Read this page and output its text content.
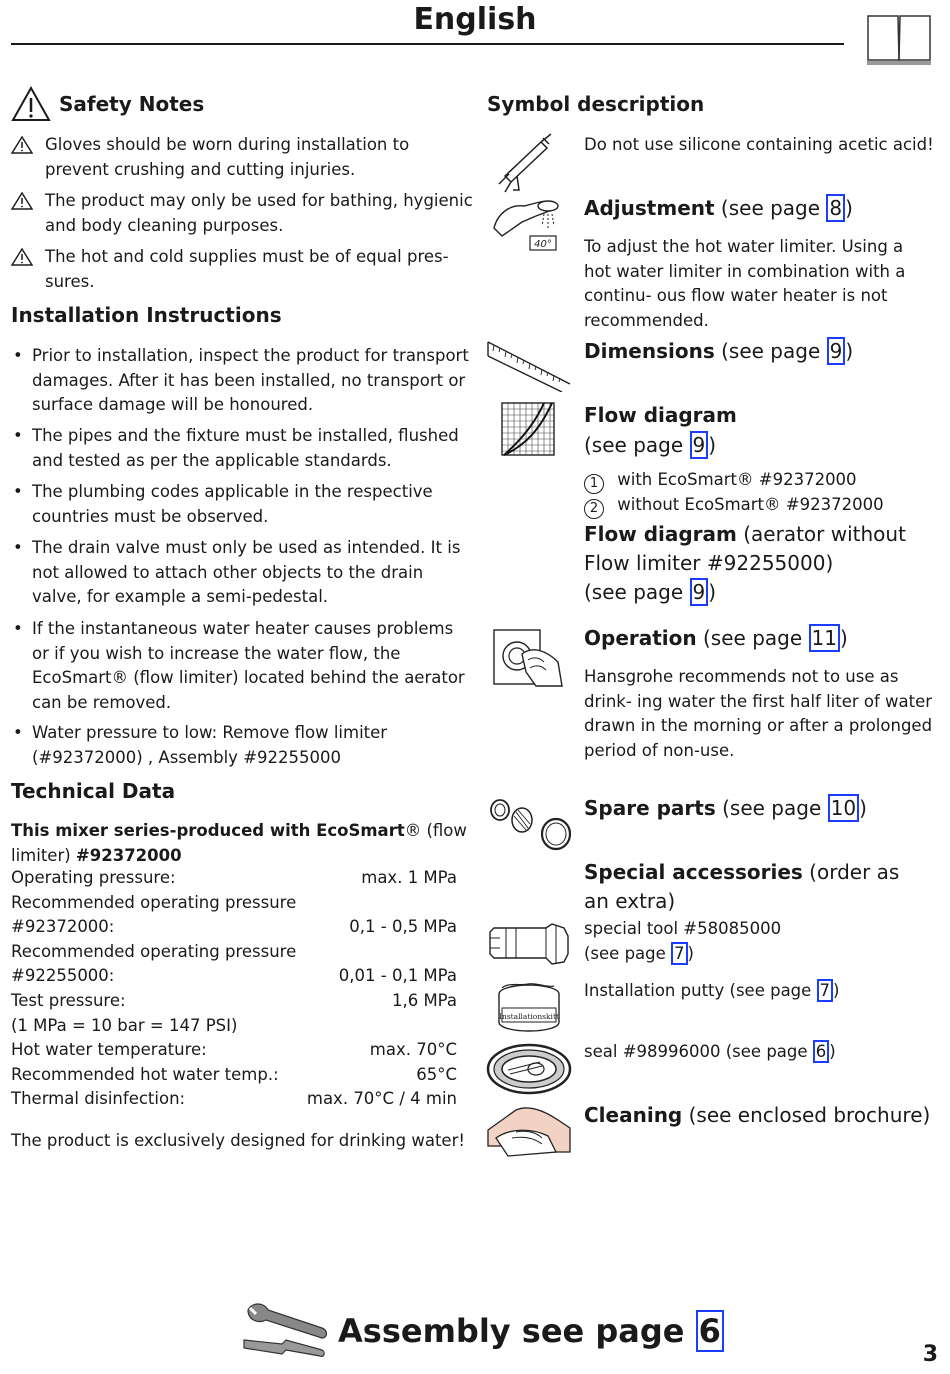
English
Safety Notes
Gloves should be worn during installation to prevent crushing and cutting injuries.
The product may only be used for bathing, hygienic and body cleaning purposes.
The hot and cold supplies must be of equal pres- sures.
Installation Instructions
• Prior to installation, inspect the product for transport damages. After it has been installed, no transport or surface damage will be honoured.
• The pipes and the fixture must be installed, flushed and tested as per the applicable standards.
• The plumbing codes applicable in the respective countries must be observed.
• The drain valve must only be used as intended. It is not allowed to attach other objects to the drain valve, for example a semi-pedestal.
• If the instantaneous water heater causes problems or if you wish to increase the water flow, the EcoSmart® (flow limiter) located behind the aerator can be removed.
• Water pressure to low: Remove flow limiter (#92372000) , Assembly #92255000
Technical Data
This mixer series-produced with EcoSmart® (flow
limiter) #92372000
Operating pressure:	max. 1 MPa
Recommended operating pressure
#92372000:	0,1 - 0,5 MPa
Recommended operating pressure
#92255000:	0,01 - 0,1 MPa
Test pressure:	1,6 MPa
(1 MPa = 10 bar = 147 PSI)
Hot water temperature:	max. 70°C
Recommended hot water temp.:	65°C
Thermal disinfection:	max. 70°C / 4 min
The product is exclusively designed for drinking water!
Symbol description
Do not use silicone containing acetic acid!
40°
Adjustment (see page 8 )
To adjust the hot water limiter. Using a hot water limiter in combination with a continu- ous flow water heater is not recommended.
Dimensions (see page 9 )
Flow diagram
(see page 9 )
1 with EcoSmart® #92372000
2 without EcoSmart® #92372000
Flow diagram (aerator without
Flow limiter #92255000)
(see page 9 )
Operation (see page 11 )
Hansgrohe recommends not to use as drink- ing water the first half liter of water drawn in the morning or after a prolonged period of non-use.
Spare parts (see page 10 )
Special accessories (order as an extra)
special tool #58085000
(see page 7 )
Installationskitt
Installation putty (see page 7 )
seal #98996000 (see page 6 )
Cleaning (see enclosed brochure)
Assembly see page 6
3
